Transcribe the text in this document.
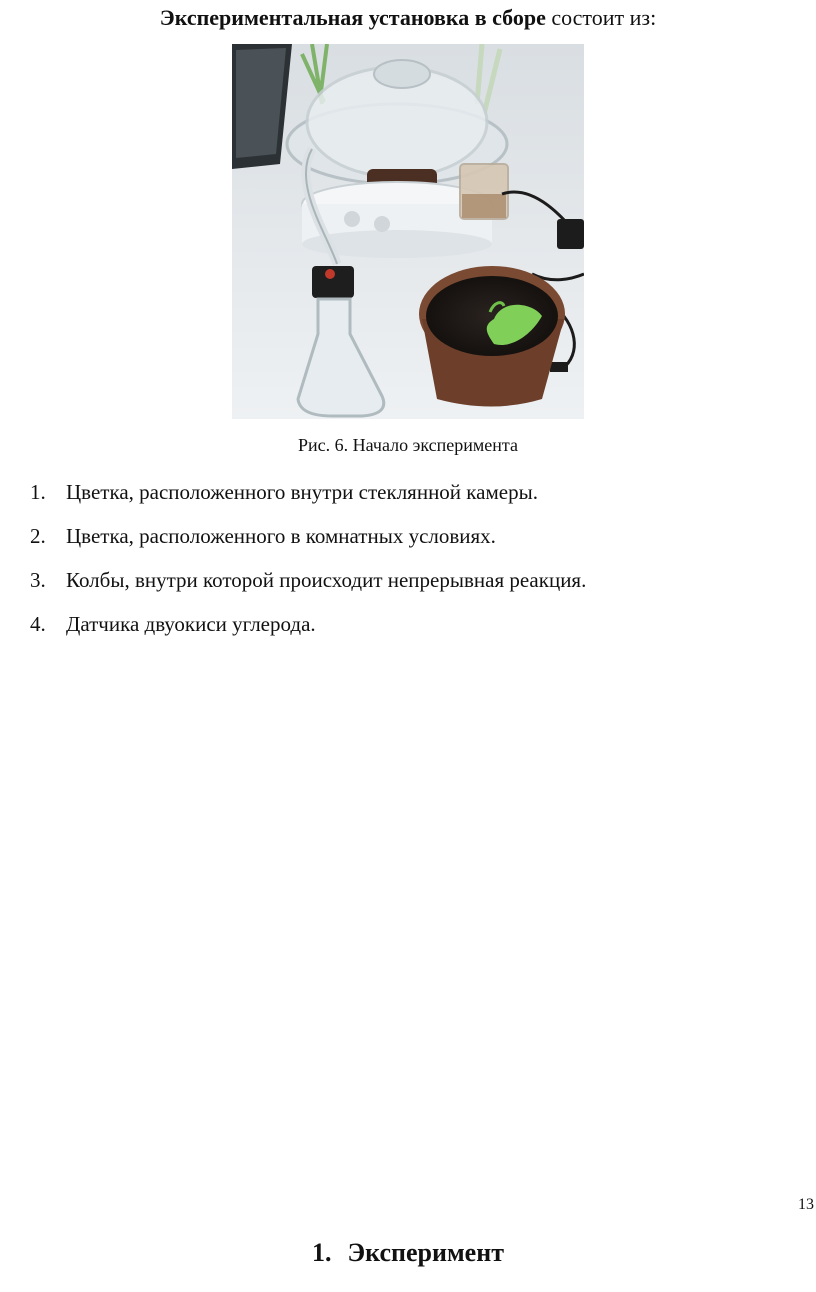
Экспериментальная установка в сборе состоит из:
Рис. 6. Начало эксперимента
1. Цветка, расположенного внутри стеклянной камеры.
2. Цветка, расположенного в комнатных условиях.
3. Колбы, внутри которой происходит непрерывная реакция.
4. Датчика двуокиси углерода.
13
1. Эксперимент
